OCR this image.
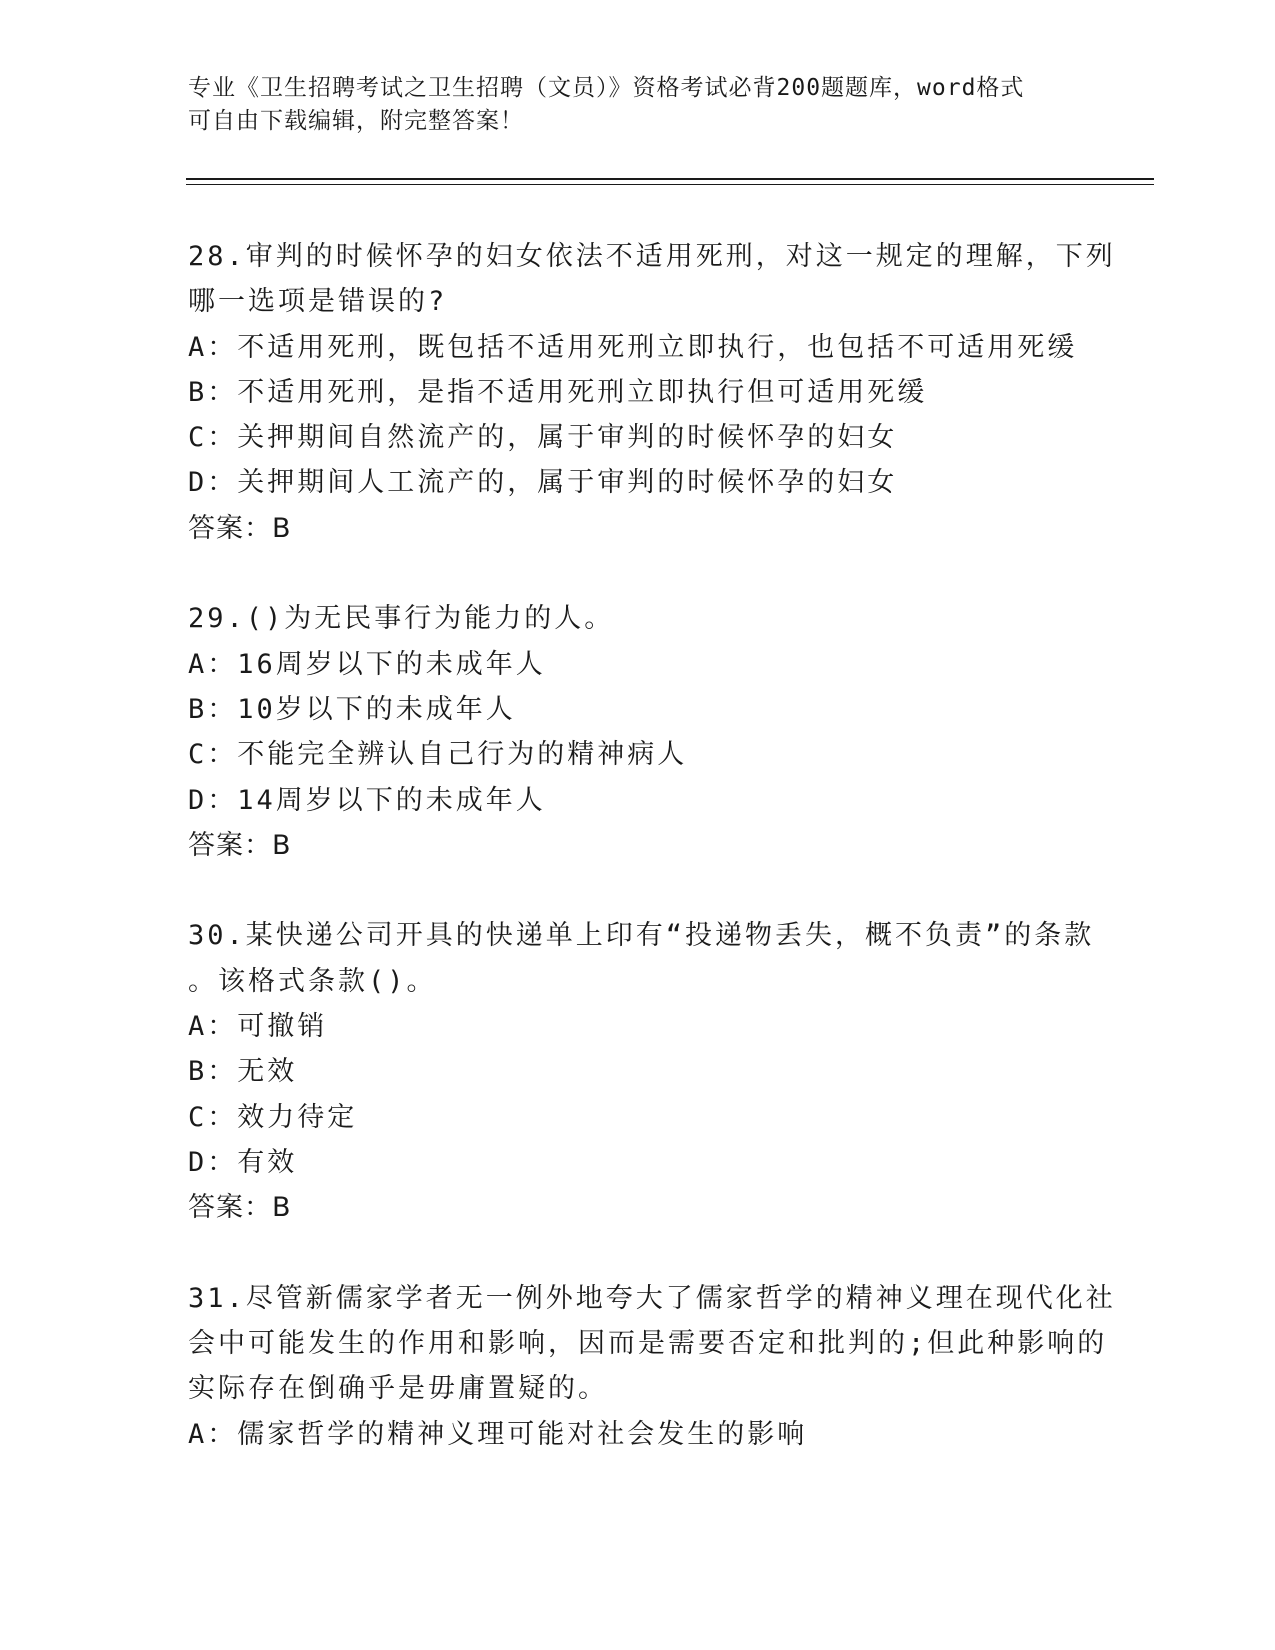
专业《卫生招聘考试之卫生招聘（文员）》资格考试必背200题题库，word格式
可自由下载编辑，附完整答案！
28.审判的时候怀孕的妇女依法不适用死刑，对这一规定的理解，下列
哪一选项是错误的?
A：不适用死刑，既包括不适用死刑立即执行，也包括不可适用死缓
B：不适用死刑，是指不适用死刑立即执行但可适用死缓
C：关押期间自然流产的，属于审判的时候怀孕的妇女
D：关押期间人工流产的，属于审判的时候怀孕的妇女
答案：B
29.()为无民事行为能力的人。
A：16周岁以下的未成年人
B：10岁以下的未成年人
C：不能完全辨认自己行为的精神病人
D：14周岁以下的未成年人
答案：B
30.某快递公司开具的快递单上印有“投递物丢失，概不负责”的条款
。该格式条款()。
A：可撤销
B：无效
C：效力待定
D：有效
答案：B
31.尽管新儒家学者无一例外地夸大了儒家哲学的精神义理在现代化社
会中可能发生的作用和影响，因而是需要否定和批判的;但此种影响的
实际存在倒确乎是毋庸置疑的。
A：儒家哲学的精神义理可能对社会发生的影响
